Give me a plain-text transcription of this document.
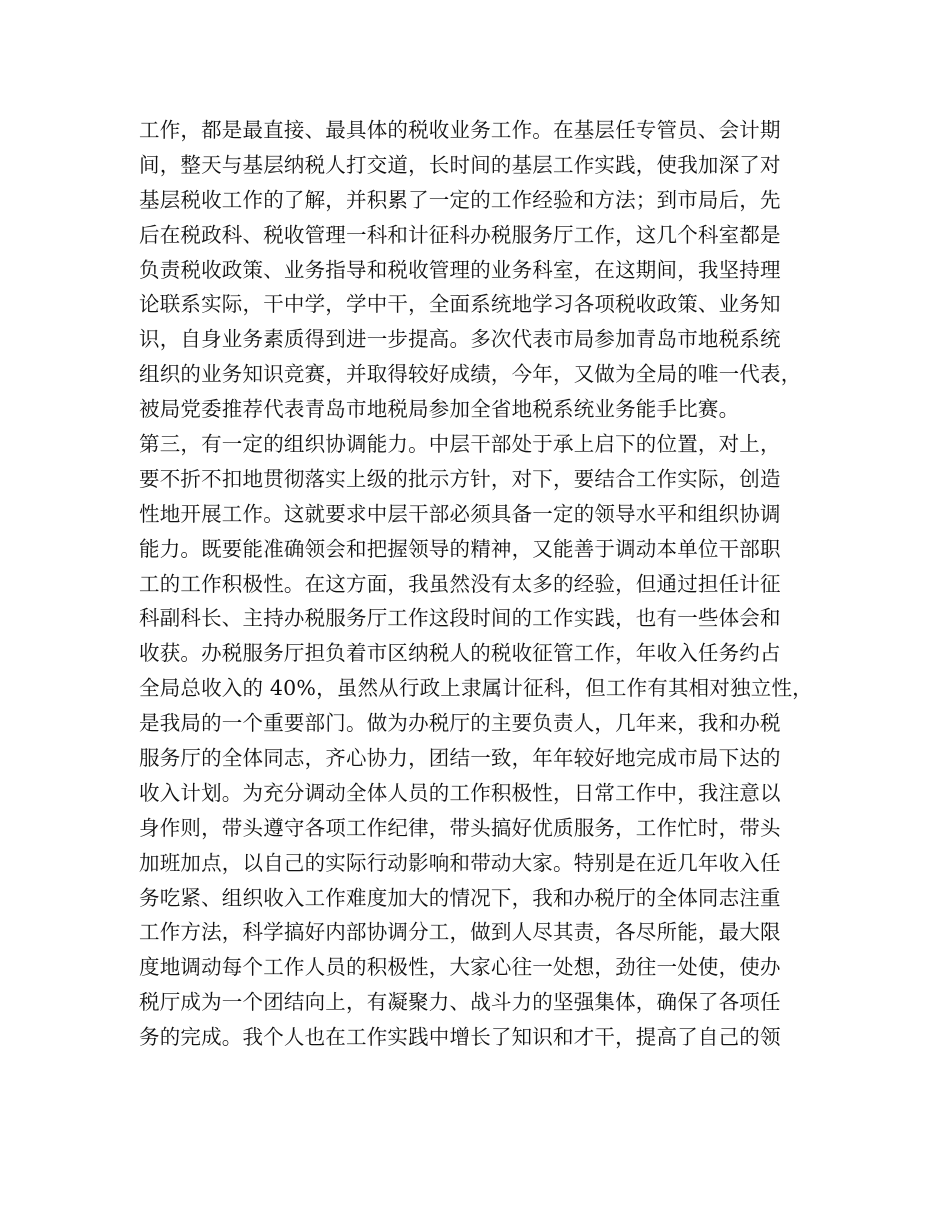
工作，都是最直接、最具体的税收业务工作。在基层任专管员、会计期
间，整天与基层纳税人打交道，长时间的基层工作实践，使我加深了对
基层税收工作的了解，并积累了一定的工作经验和方法；到市局后，先
后在税政科、税收管理一科和计征科办税服务厅工作，这几个科室都是
负责税收政策、业务指导和税收管理的业务科室，在这期间，我坚持理
论联系实际，干中学，学中干，全面系统地学习各项税收政策、业务知
识，自身业务素质得到进一步提高。多次代表市局参加青岛市地税系统
组织的业务知识竞赛，并取得较好成绩，今年，又做为全局的唯一代表，
被局党委推荐代表青岛市地税局参加全省地税系统业务能手比赛。
第三，有一定的组织协调能力。中层干部处于承上启下的位置，对上，
要不折不扣地贯彻落实上级的批示方针，对下，要结合工作实际，创造
性地开展工作。这就要求中层干部必须具备一定的领导水平和组织协调
能力。既要能准确领会和把握领导的精神，又能善于调动本单位干部职
工的工作积极性。在这方面，我虽然没有太多的经验，但通过担任计征
科副科长、主持办税服务厅工作这段时间的工作实践，也有一些体会和
收获。办税服务厅担负着市区纳税人的税收征管工作，年收入任务约占
全局总收入的 40%，虽然从行政上隶属计征科，但工作有其相对独立性，
是我局的一个重要部门。做为办税厅的主要负责人，几年来，我和办税
服务厅的全体同志，齐心协力，团结一致，年年较好地完成市局下达的
收入计划。为充分调动全体人员的工作积极性，日常工作中，我注意以
身作则，带头遵守各项工作纪律，带头搞好优质服务，工作忙时，带头
加班加点，以自己的实际行动影响和带动大家。特别是在近几年收入任
务吃紧、组织收入工作难度加大的情况下，我和办税厅的全体同志注重
工作方法，科学搞好内部协调分工，做到人尽其责，各尽所能，最大限
度地调动每个工作人员的积极性，大家心往一处想，劲往一处使，使办
税厅成为一个团结向上，有凝聚力、战斗力的坚强集体，确保了各项任
务的完成。我个人也在工作实践中增长了知识和才干，提高了自己的领
